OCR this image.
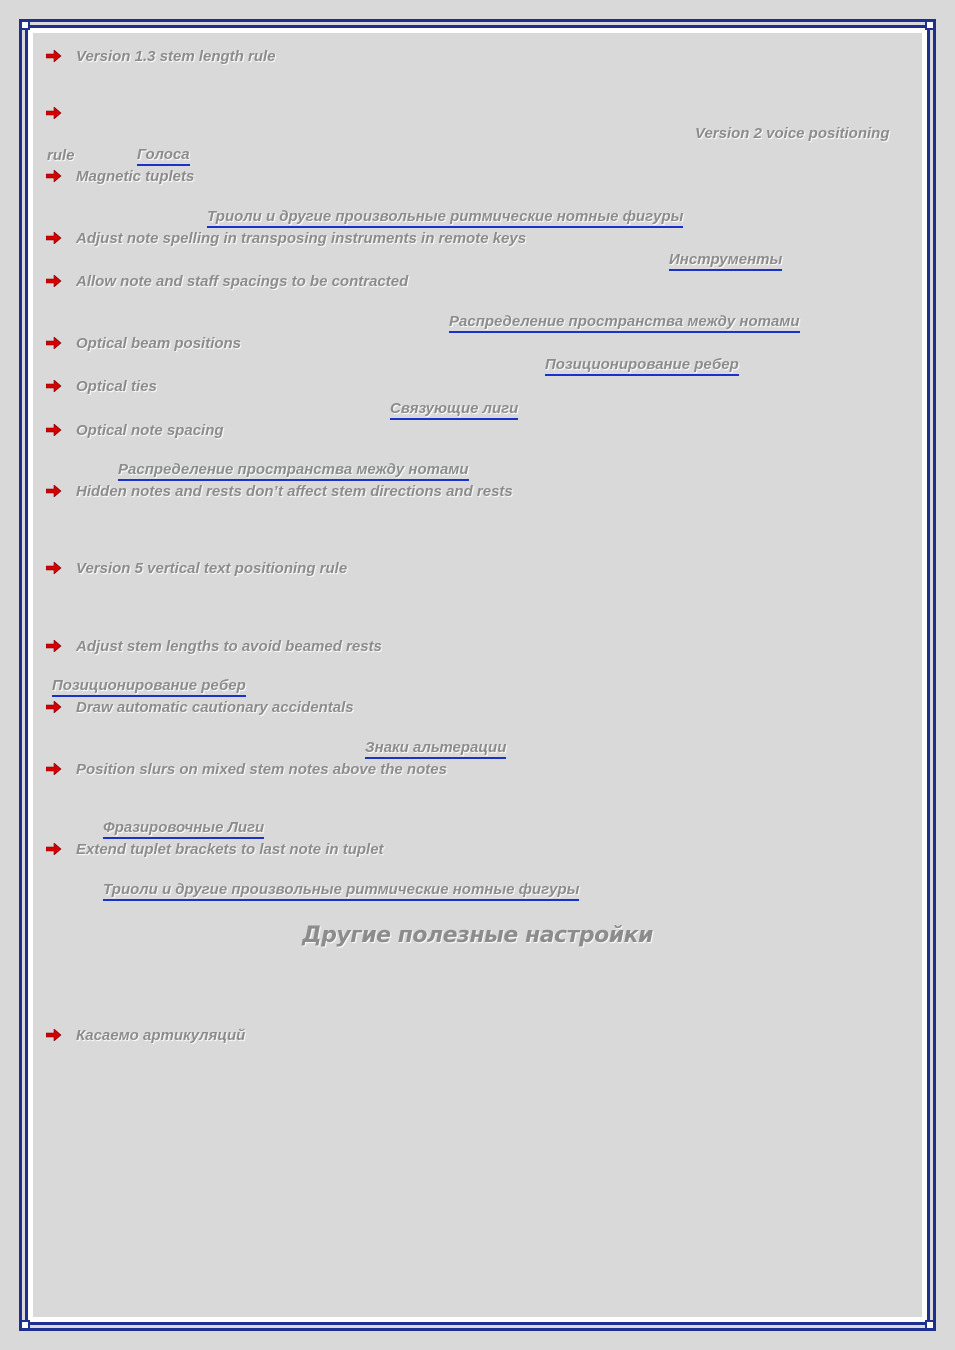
Version 1.3 stem length rule
Version 2 voice positioning
rule	Голоса
Magnetic tuplets
Триоли и другие произвольные ритмические нотные фигуры
Adjust note spelling in transposing instruments in remote keys
Инструменты
Allow note and staff spacings to be contracted
Распределение пространства между нотами
Optical beam positions
Позиционирование ребер
Optical ties
Связующие лиги
Optical note spacing
Распределение пространства между нотами
Hidden notes and rests don’t affect stem directions and rests
Version 5 vertical text positioning rule
Adjust stem lengths to avoid beamed rests
Позиционирование ребер
Draw automatic cautionary accidentals
Знаки альтерации
Position slurs on mixed stem notes above the notes
Фразировочные Лиги
Extend tuplet brackets to last note in tuplet
Триоли и другие произвольные ритмические нотные фигуры
Другие полезные настройки
Касаемо артикуляций
